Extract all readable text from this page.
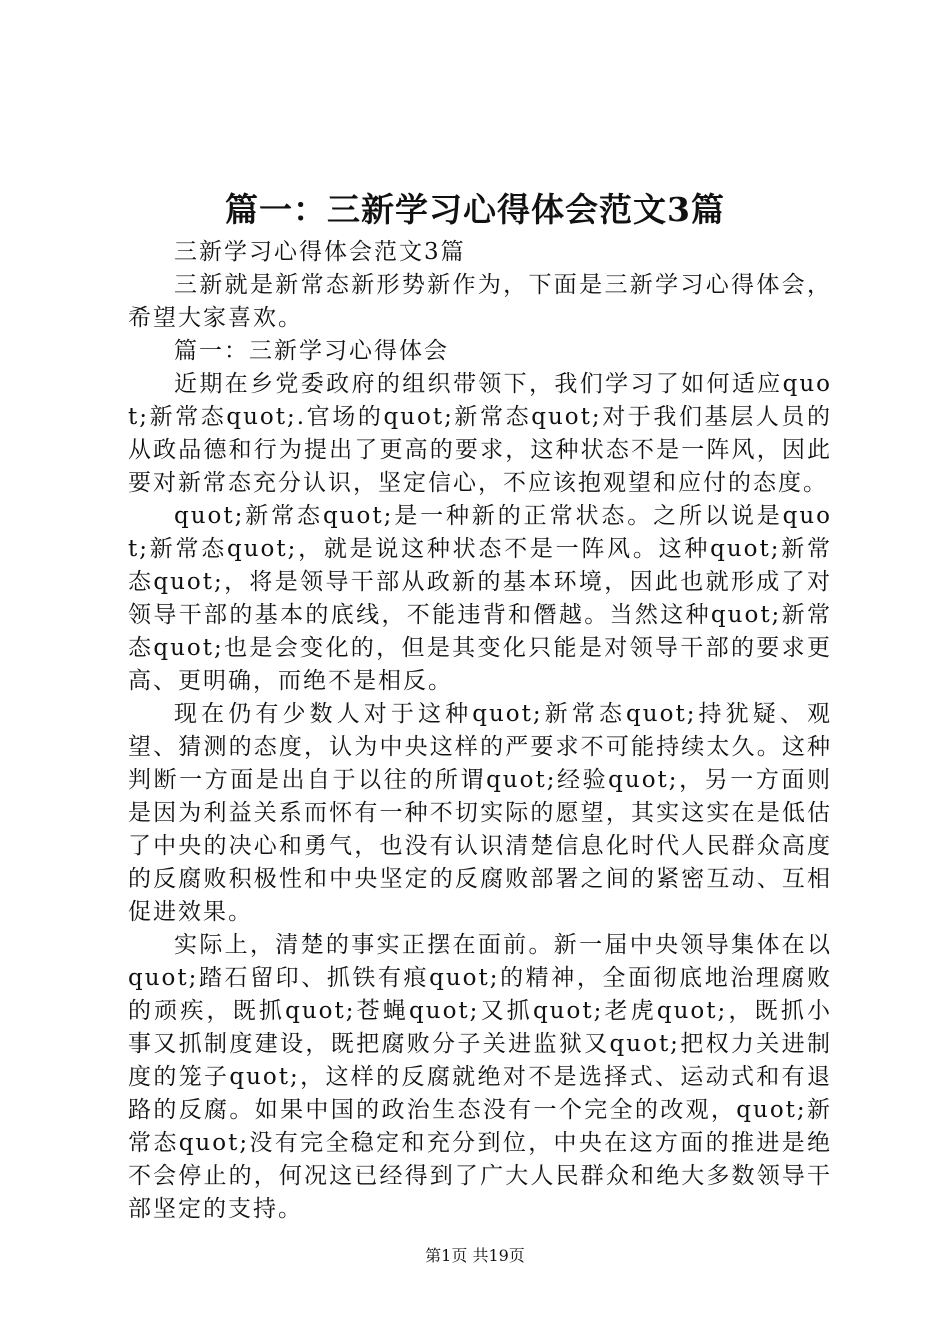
篇一：三新学习心得体会范文3篇

三新学习心得体会范文3篇

三新就是新常态新形势新作为，下面是三新学习心得体会，希望大家喜欢。

篇一：三新学习心得体会

近期在乡党委政府的组织带领下，我们学习了如何适应quot;新常态quot;.官场的quot;新常态quot;对于我们基层人员的从政品德和行为提出了更高的要求，这种状态不是一阵风，因此要对新常态充分认识，坚定信心，不应该抱观望和应付的态度。

quot;新常态quot;是一种新的正常状态。之所以说是quot;新常态quot;，就是说这种状态不是一阵风。这种quot;新常态quot;，将是领导干部从政新的基本环境，因此也就形成了对领导干部的基本的底线，不能违背和僭越。当然这种quot;新常态quot;也是会变化的，但是其变化只能是对领导干部的要求更高、更明确，而绝不是相反。

现在仍有少数人对于这种quot;新常态quot;持犹疑、观望、猜测的态度，认为中央这样的严要求不可能持续太久。这种判断一方面是出自于以往的所谓quot;经验quot;，另一方面则是因为利益关系而怀有一种不切实际的愿望，其实这实在是低估了中央的决心和勇气，也没有认识清楚信息化时代人民群众高度的反腐败积极性和中央坚定的反腐败部署之间的紧密互动、互相促进效果。

实际上，清楚的事实正摆在面前。新一届中央领导集体在以quot;踏石留印、抓铁有痕quot;的精神，全面彻底地治理腐败的顽疾，既抓quot;苍蝇quot;又抓quot;老虎quot;，既抓小事又抓制度建设，既把腐败分子关进监狱又quot;把权力关进制度的笼子quot;，这样的反腐就绝对不是选择式、运动式和有退路的反腐。如果中国的政治生态没有一个完全的改观，quot;新常态quot;没有完全稳定和充分到位，中央在这方面的推进是绝不会停止的，何况这已经得到了广大人民群众和绝大多数领导干部坚定的支持。

第1页 共19页
